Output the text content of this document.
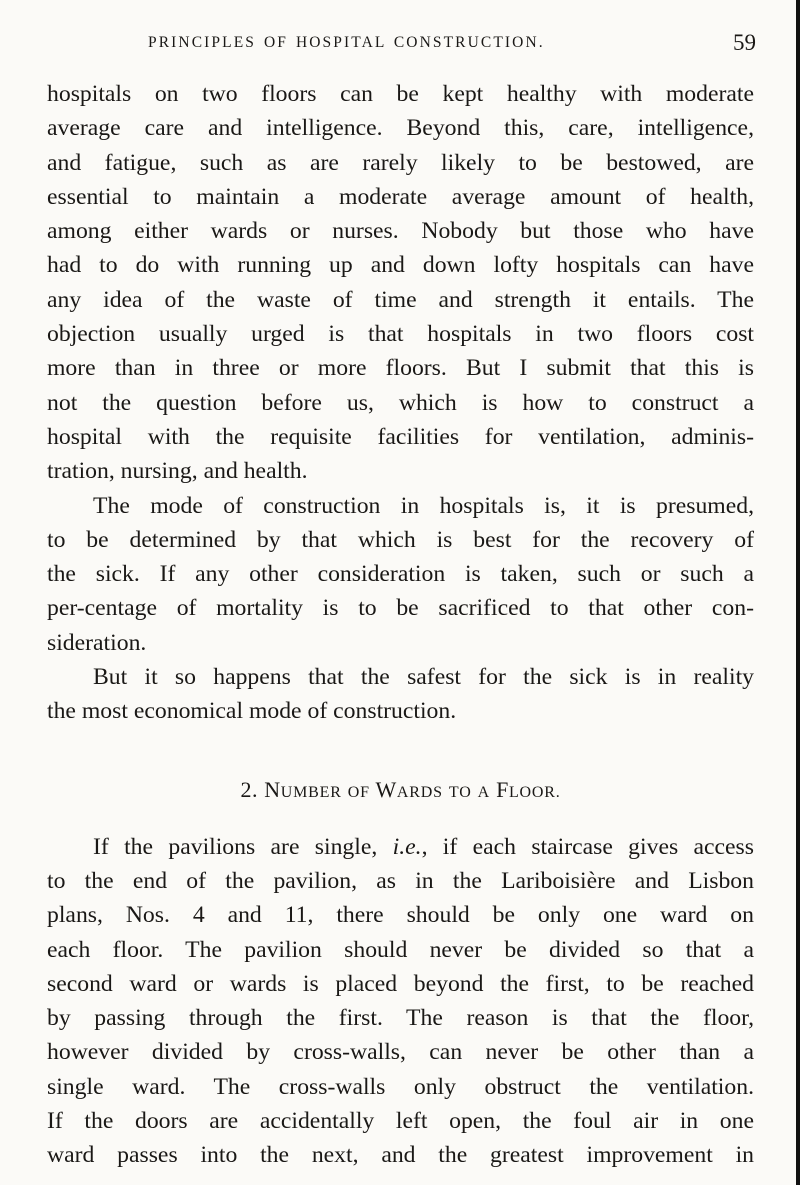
PRINCIPLES OF HOSPITAL CONSTRUCTION.	59
hospitals on two floors can be kept healthy with moderate
average care and intelligence. Beyond this, care, intelligence,
and fatigue, such as are rarely likely to be bestowed, are
essential to maintain a moderate average amount of health,
among either wards or nurses. Nobody but those who have
had to do with running up and down lofty hospitals can have
any idea of the waste of time and strength it entails. The
objection usually urged is that hospitals in two floors cost
more than in three or more floors. But I submit that this is
not the question before us, which is how to construct a
hospital with the requisite facilities for ventilation, adminis-
tration, nursing, and health.
The mode of construction in hospitals is, it is presumed,
to be determined by that which is best for the recovery of
the sick. If any other consideration is taken, such or such a
per-centage of mortality is to be sacrificed to that other con-
sideration.
But it so happens that the safest for the sick is in reality
the most economical mode of construction.
2. NUMBER OF WARDS TO A FLOOR.
If the pavilions are single, i.e., if each staircase gives access
to the end of the pavilion, as in the Lariboisière and Lisbon
plans, Nos. 4 and 11, there should be only one ward on
each floor. The pavilion should never be divided so that a
second ward or wards is placed beyond the first, to be reached
by passing through the first. The reason is that the floor,
however divided by cross-walls, can never be other than a
single ward. The cross-walls only obstruct the ventilation.
If the doors are accidentally left open, the foul air in one
ward passes into the next, and the greatest improvement in
